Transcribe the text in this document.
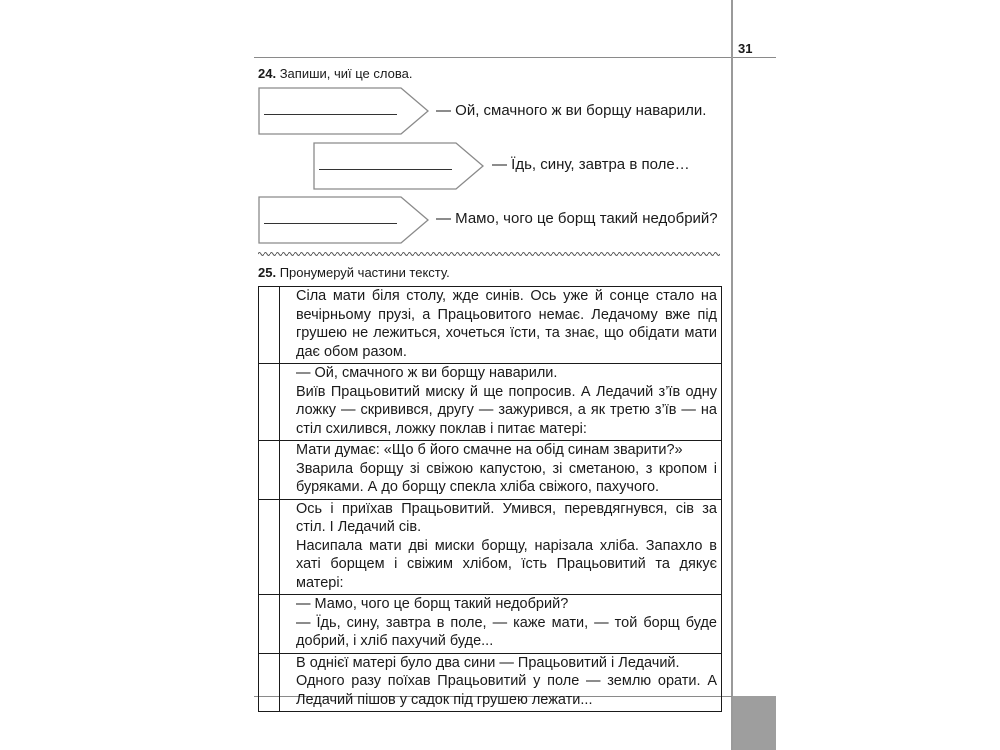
31
24. Запиши, чиї це слова.
— Ой, смачного ж ви борщу наварили.
— Їдь, сину, завтра в поле…
— Мамо, чого це борщ такий недобрий?
25. Пронумеруй частини тексту.

	Сіла мати біля столу, жде синів. Ось уже й сонце стало на вечірньому прузі, а Працьовитого немає. Ледачому вже під грушею не лежиться, хочеться їсти, та знає, що обідати мати дає обом разом.

	— Ой, смачного ж ви борщу наварили.

Виїв Працьовитий миску й ще попросив. А Ледачий з’їв одну ложку — скривився, другу — зажурився, а як третю з’їв — на стіл схилився, ложку поклав і питає матері:

	Мати думає: «Що б його смачне на обід синам зварити?»

Зварила борщу зі свіжою капустою, зі сметаною, з кропом і буряками. А до борщу спекла хліба свіжого, пахучого.

	Ось і приїхав Працьовитий. Умився, перевдягнувся, сів за стіл. І Ледачий сів.

Насипала мати дві миски борщу, нарізала хліба. Запахло в хаті борщем і свіжим хлібом, їсть Працьовитий та дякує матері:

	— Мамо, чого це борщ такий недобрий?

— Їдь, сину, завтра в поле, — каже мати, — той борщ буде добрий, і хліб пахучий буде...

	В однієї матері було два сини — Працьовитий і Ледачий.

Одного разу поїхав Працьовитий у поле — землю орати. А Ледачий пішов у садок під грушею лежати...
